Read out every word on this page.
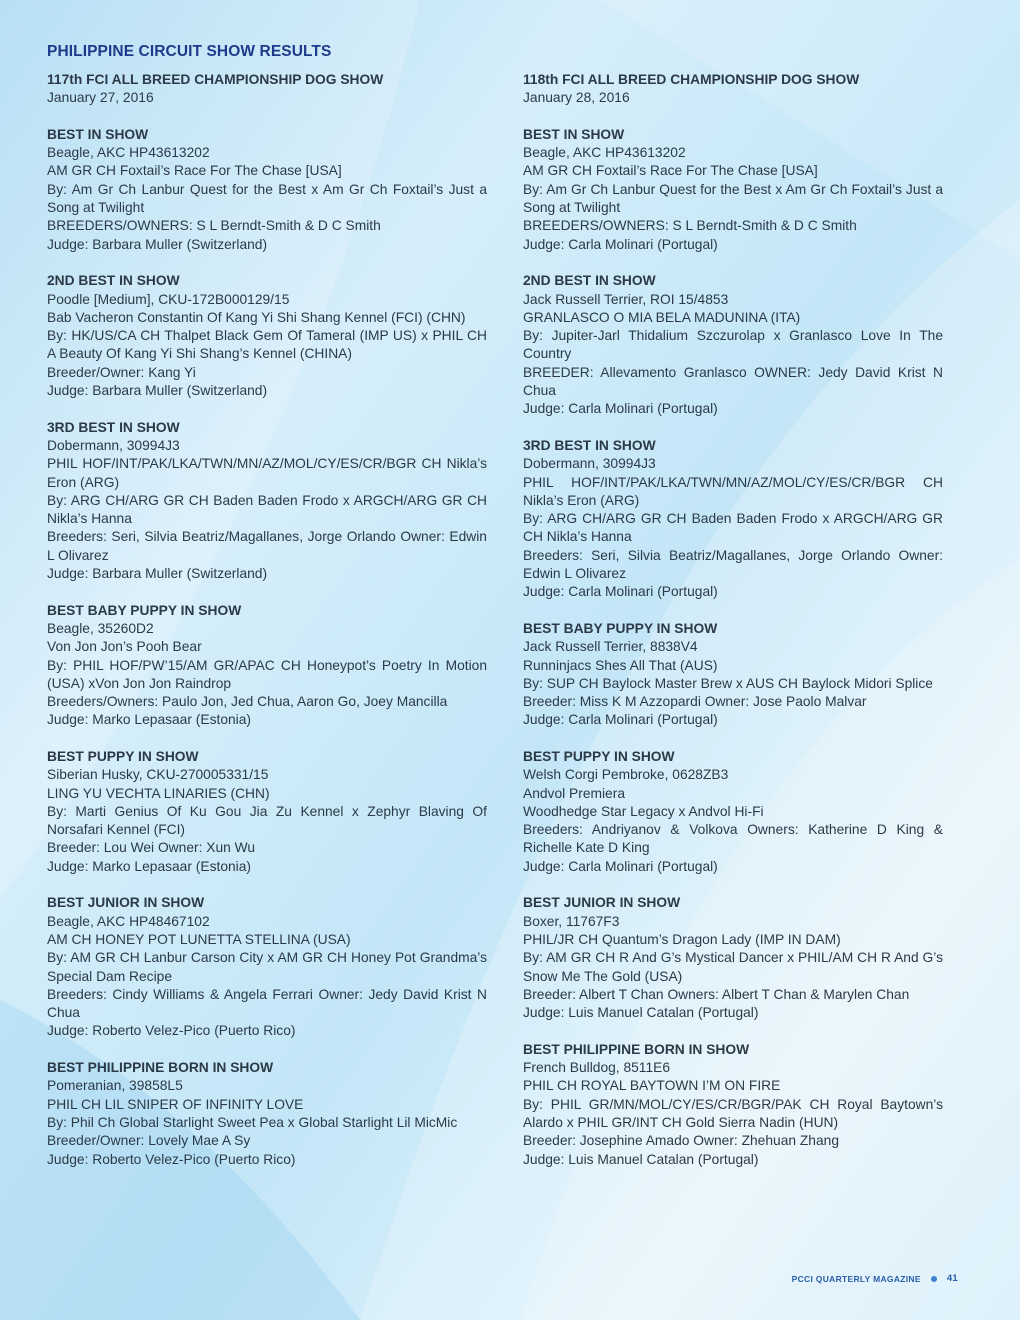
PHILIPPINE CIRCUIT SHOW RESULTS
117th FCI ALL BREED CHAMPIONSHIP DOG SHOW
January 27, 2016
BEST IN SHOW
Beagle, AKC HP43613202
AM GR CH Foxtail’s Race For The Chase [USA]
By: Am Gr Ch Lanbur Quest for the Best x Am Gr Ch Foxtail’s Just a Song at Twilight
BREEDERS/OWNERS: S L Berndt-Smith & D C Smith
Judge: Barbara Muller (Switzerland)
2ND BEST IN SHOW
Poodle [Medium], CKU-172B000129/15
Bab Vacheron Constantin Of Kang Yi Shi Shang Kennel (FCI) (CHN)
By: HK/US/CA CH Thalpet Black Gem Of Tameral (IMP US) x PHIL CH A Beauty Of Kang Yi Shi Shang’s Kennel (CHINA)
Breeder/Owner: Kang Yi
Judge: Barbara Muller (Switzerland)
3RD BEST IN SHOW
Dobermann, 30994J3
PHIL HOF/INT/PAK/LKA/TWN/MN/AZ/MOL/CY/ES/CR/BGR CH Nikla’s Eron (ARG)
By: ARG CH/ARG GR CH Baden Baden Frodo x ARGCH/ARG GR CH Nikla’s Hanna
Breeders: Seri, Silvia Beatriz/Magallanes, Jorge Orlando Owner: Edwin L Olivarez
Judge: Barbara Muller (Switzerland)
BEST BABY PUPPY IN SHOW
Beagle, 35260D2
Von Jon Jon’s Pooh Bear
By: PHIL HOF/PW’15/AM GR/APAC CH Honeypot’s Poetry In Motion (USA) xVon Jon Jon Raindrop
Breeders/Owners: Paulo Jon, Jed Chua, Aaron Go, Joey Mancilla
Judge: Marko Lepasaar (Estonia)
BEST PUPPY IN SHOW
Siberian Husky, CKU-270005331/15
LING YU VECHTA LINARIES (CHN)
By: Marti Genius Of Ku Gou Jia Zu Kennel x Zephyr Blaving Of Norsafari Kennel (FCI)
Breeder: Lou Wei Owner: Xun Wu
Judge: Marko Lepasaar (Estonia)
BEST JUNIOR IN SHOW
Beagle, AKC HP48467102
AM CH HONEY POT LUNETTA STELLINA (USA)
By: AM GR CH Lanbur Carson City x AM GR CH Honey Pot Grandma’s Special Dam Recipe
Breeders: Cindy Williams & Angela Ferrari Owner: Jedy David Krist N Chua
Judge: Roberto Velez-Pico (Puerto Rico)
BEST PHILIPPINE BORN IN SHOW
Pomeranian, 39858L5
PHIL CH LIL SNIPER OF INFINITY LOVE
By: Phil Ch Global Starlight Sweet Pea x Global Starlight Lil MicMic
Breeder/Owner: Lovely Mae A Sy
Judge: Roberto Velez-Pico (Puerto Rico)
118th FCI ALL BREED CHAMPIONSHIP DOG SHOW
January 28, 2016
BEST IN SHOW
Beagle, AKC HP43613202
AM GR CH Foxtail’s Race For The Chase [USA]
By: Am Gr Ch Lanbur Quest for the Best x Am Gr Ch Foxtail’s Just a Song at Twilight
BREEDERS/OWNERS: S L Berndt-Smith & D C Smith
Judge: Carla Molinari (Portugal)
2ND BEST IN SHOW
Jack Russell Terrier, ROI 15/4853
GRANLASCO O MIA BELA MADUNINA (ITA)
By: Jupiter-Jarl Thidalium Szczurolap x Granlasco Love In The Country
BREEDER: Allevamento Granlasco OWNER: Jedy David Krist N Chua
Judge: Carla Molinari (Portugal)
3RD BEST IN SHOW
Dobermann, 30994J3
PHIL HOF/INT/PAK/LKA/TWN/MN/AZ/MOL/CY/ES/CR/BGR CH Nikla’s Eron (ARG)
By: ARG CH/ARG GR CH Baden Baden Frodo x ARGCH/ARG GR CH Nikla’s Hanna
Breeders: Seri, Silvia Beatriz/Magallanes, Jorge Orlando Owner: Edwin L Olivarez
Judge: Carla Molinari (Portugal)
BEST BABY PUPPY IN SHOW
Jack Russell Terrier, 8838V4
Runninjacs Shes All That (AUS)
By: SUP CH Baylock Master Brew x AUS CH Baylock Midori Splice
Breeder: Miss K M Azzopardi Owner: Jose Paolo Malvar
Judge: Carla Molinari (Portugal)
BEST PUPPY IN SHOW
Welsh Corgi Pembroke, 0628ZB3
Andvol Premiera
Woodhedge Star Legacy x Andvol Hi-Fi
Breeders: Andriyanov & Volkova Owners: Katherine D King & Richelle Kate D King
Judge: Carla Molinari (Portugal)
BEST JUNIOR IN SHOW
Boxer, 11767F3
PHIL/JR CH Quantum’s Dragon Lady (IMP IN DAM)
By: AM GR CH R And G’s Mystical Dancer x PHIL/AM CH R And G’s Snow Me The Gold (USA)
Breeder: Albert T Chan Owners: Albert T Chan & Marylen Chan
Judge: Luis Manuel Catalan (Portugal)
BEST PHILIPPINE BORN IN SHOW
French Bulldog, 8511E6
PHIL CH ROYAL BAYTOWN I’M ON FIRE
By: PHIL GR/MN/MOL/CY/ES/CR/BGR/PAK CH Royal Baytown’s Alardo x PHIL GR/INT CH Gold Sierra Nadin (HUN)
Breeder: Josephine Amado Owner: Zhehuan Zhang
Judge: Luis Manuel Catalan (Portugal)
PCCI QUARTERLY MAGAZINE	41
